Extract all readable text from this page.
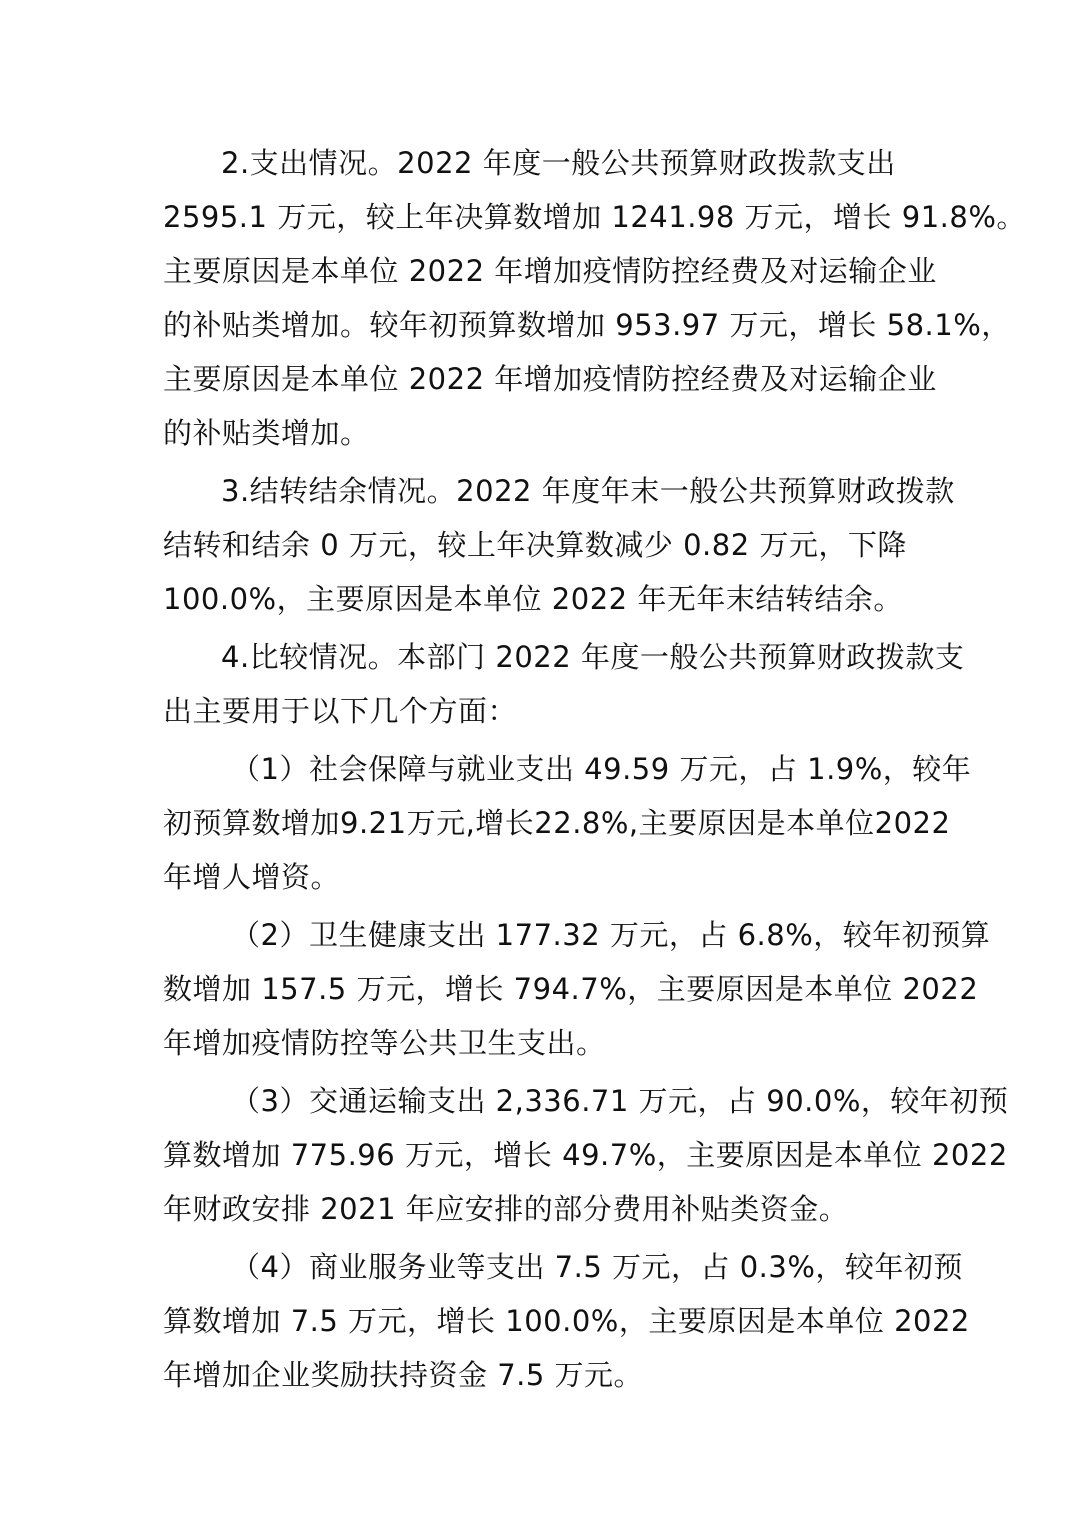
2.支出情况。2022 年度一般公共预算财政拨款支出
2595.1 万元，较上年决算数增加 1241.98 万元，增长 91.8%。
主要原因是本单位 2022 年增加疫情防控经费及对运输企业
的补贴类增加。较年初预算数增加 953.97 万元，增长 58.1%，
主要原因是本单位 2022 年增加疫情防控经费及对运输企业
的补贴类增加。
3.结转结余情况。2022 年度年末一般公共预算财政拨款
结转和结余 0 万元，较上年决算数减少 0.82 万元，下降
100.0%，主要原因是本单位 2022 年无年末结转结余。
4.比较情况。本部门 2022 年度一般公共预算财政拨款支
出主要用于以下几个方面：
（1）社会保障与就业支出 49.59 万元，占 1.9%，较年
初预算数增加9.21万元,增长22.8%,主要原因是本单位2022
年增人增资。
（2）卫生健康支出 177.32 万元，占 6.8%，较年初预算
数增加 157.5 万元，增长 794.7%，主要原因是本单位 2022
年增加疫情防控等公共卫生支出。
（3）交通运输支出 2,336.71 万元，占 90.0%，较年初预
算数增加 775.96 万元，增长 49.7%，主要原因是本单位 2022
年财政安排 2021 年应安排的部分费用补贴类资金。
（4）商业服务业等支出 7.5 万元，占 0.3%，较年初预
算数增加 7.5 万元，增长 100.0%，主要原因是本单位 2022
年增加企业奖励扶持资金 7.5 万元。
